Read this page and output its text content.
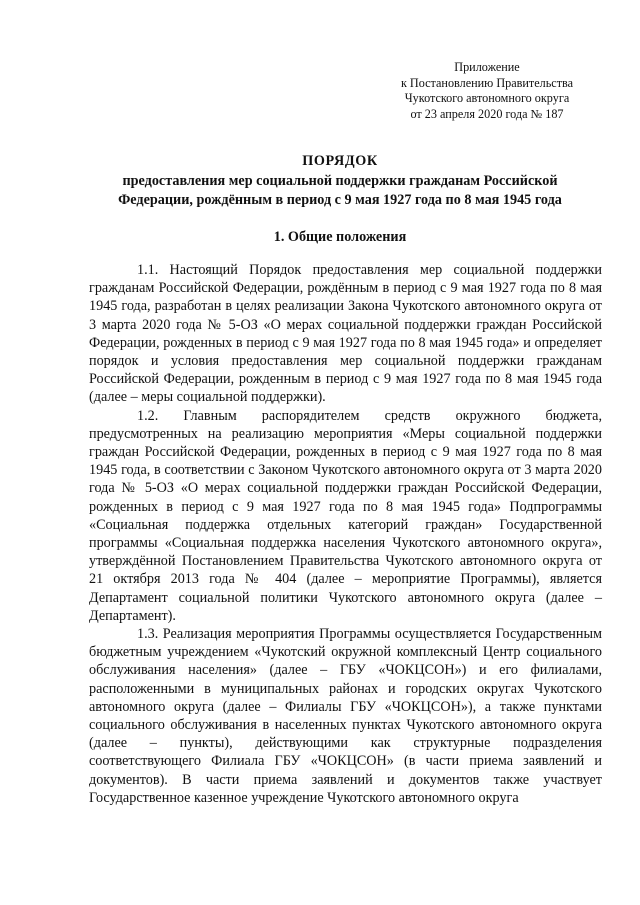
Приложение
к Постановлению Правительства
Чукотского автономного округа
от 23 апреля 2020 года № 187
ПОРЯДОК
предоставления мер социальной поддержки гражданам Российской
Федерации, рождённым в период с 9 мая 1927 года по 8 мая 1945 года
1. Общие положения

1.1. Настоящий Порядок предоставления мер социальной поддержки гражданам Российской Федерации, рождённым в период с 9 мая 1927 года по 8 мая 1945 года, разработан в целях реализации Закона Чукотского автономного округа от 3 марта 2020 года № 5-ОЗ «О мерах социальной поддержки граждан Российской Федерации, рожденных в период с 9 мая 1927 года по 8 мая 1945 года» и определяет порядок и условия предоставления мер социальной поддержки гражданам Российской Федерации, рожденным в период с 9 мая 1927 года по 8 мая 1945 года (далее – меры социальной поддержки).

1.2. Главным распорядителем средств окружного бюджета, предусмотренных на реализацию мероприятия «Меры социальной поддержки граждан Российской Федерации, рожденных в период с 9 мая 1927 года по 8 мая 1945 года, в соответствии с Законом Чукотского автономного округа от 3 марта 2020 года № 5-ОЗ «О мерах социальной поддержки граждан Российской Федерации, рожденных в период с 9 мая 1927 года по 8 мая 1945 года» Подпрограммы «Социальная поддержка отдельных категорий граждан» Государственной программы «Социальная поддержка населения Чукотского автономного округа», утверждённой Постановлением Правительства Чукотского автономного округа от 21 октября 2013 года № 404 (далее – мероприятие Программы), является Департамент социальной политики Чукотского автономного округа (далее – Департамент).

1.3. Реализация мероприятия Программы осуществляется Государственным бюджетным учреждением «Чукотский окружной комплексный Центр социального обслуживания населения» (далее – ГБУ «ЧОКЦСОН») и его филиалами, расположенными в муниципальных районах и городских округах Чукотского автономного округа (далее – Филиалы ГБУ «ЧОКЦСОН»), а также пунктами социального обслуживания в населенных пунктах Чукотского автономного округа (далее – пункты), действующими как структурные подразделения соответствующего Филиала ГБУ «ЧОКЦСОН» (в части приема заявлений и документов). В части приема заявлений и документов также участвует Государственное казенное учреждение Чукотского автономного округа
